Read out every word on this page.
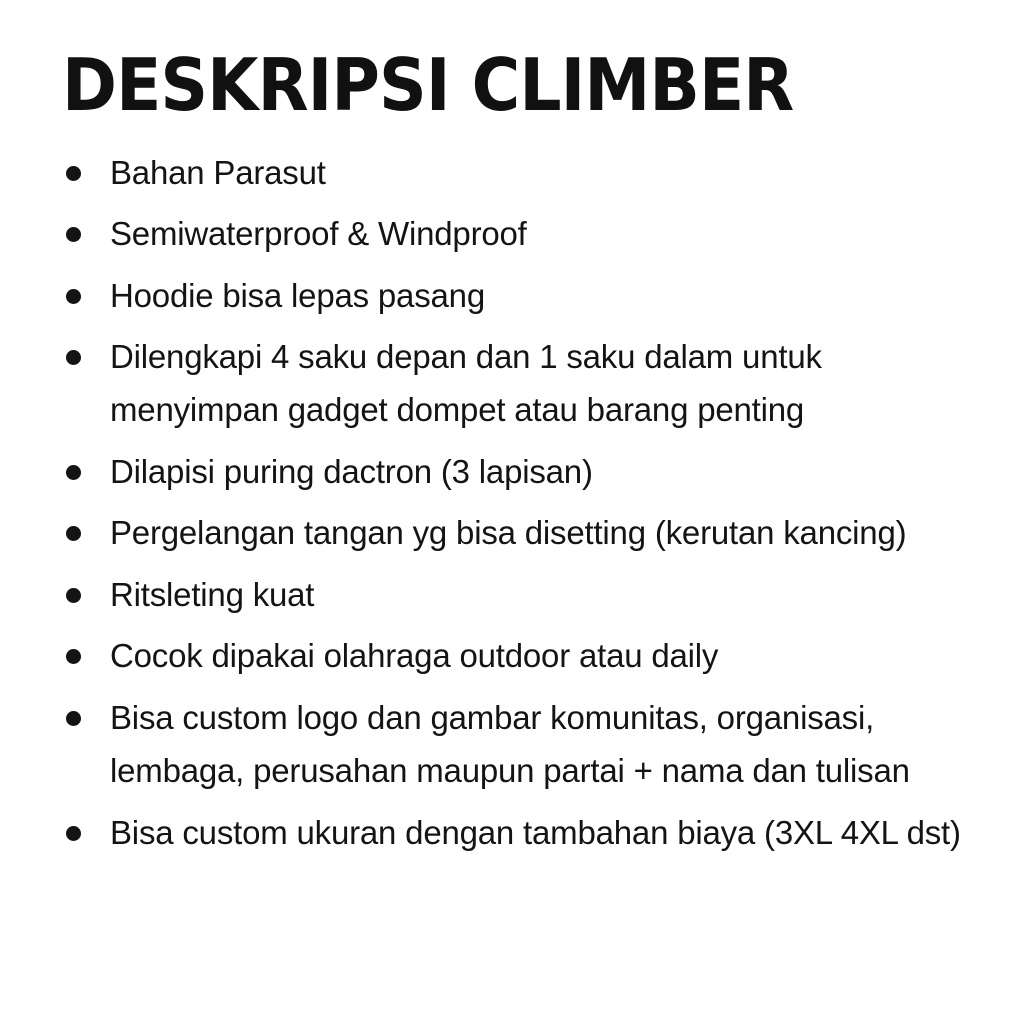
DESKRIPSI CLIMBER
Bahan Parasut
Semiwaterproof & Windproof
Hoodie bisa lepas pasang
Dilengkapi 4 saku depan dan 1 saku dalam untuk menyimpan gadget dompet atau barang penting
Dilapisi puring dactron (3 lapisan)
Pergelangan tangan yg bisa disetting (kerutan kancing)
Ritsleting kuat
Cocok dipakai olahraga outdoor atau daily
Bisa custom logo dan gambar komunitas, organisasi, lembaga, perusahan maupun partai + nama dan tulisan
Bisa custom ukuran dengan tambahan biaya (3XL 4XL dst)
